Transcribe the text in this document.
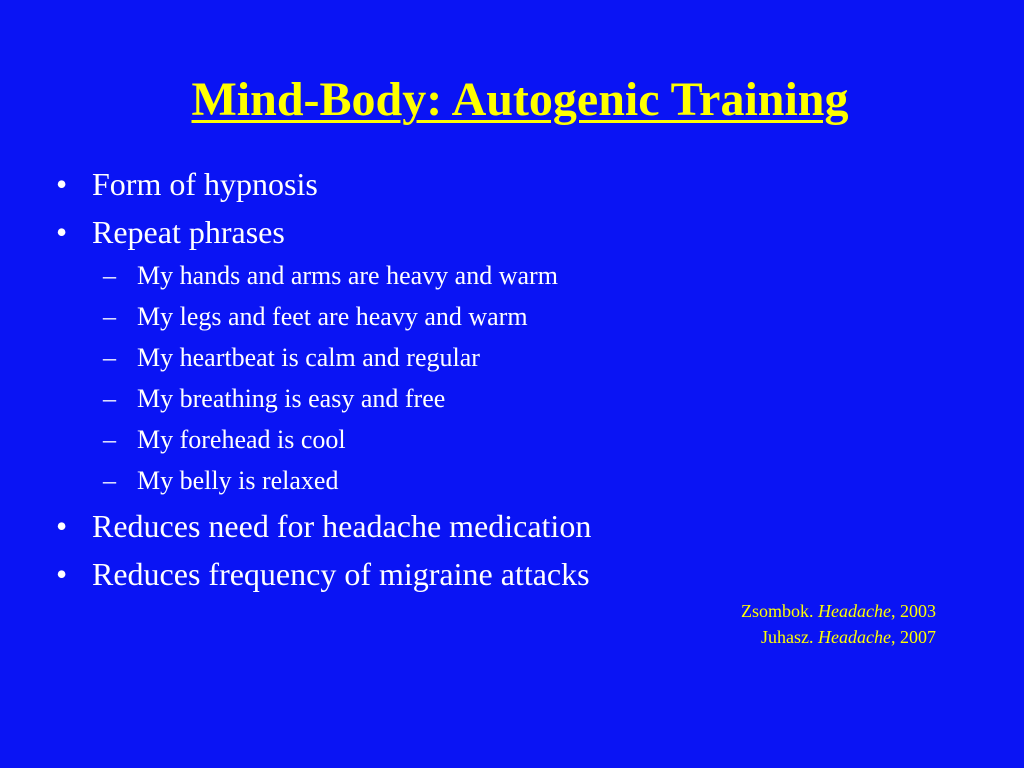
Mind-Body: Autogenic Training
• Form of hypnosis
• Repeat phrases
– My hands and arms are heavy and warm
– My legs and feet are heavy and warm
– My heartbeat is calm and regular
– My breathing is easy and free
– My forehead is cool
– My belly is relaxed
• Reduces need for headache medication
• Reduces frequency of migraine attacks
Zsombok. Headache, 2003
Juhasz. Headache, 2007
